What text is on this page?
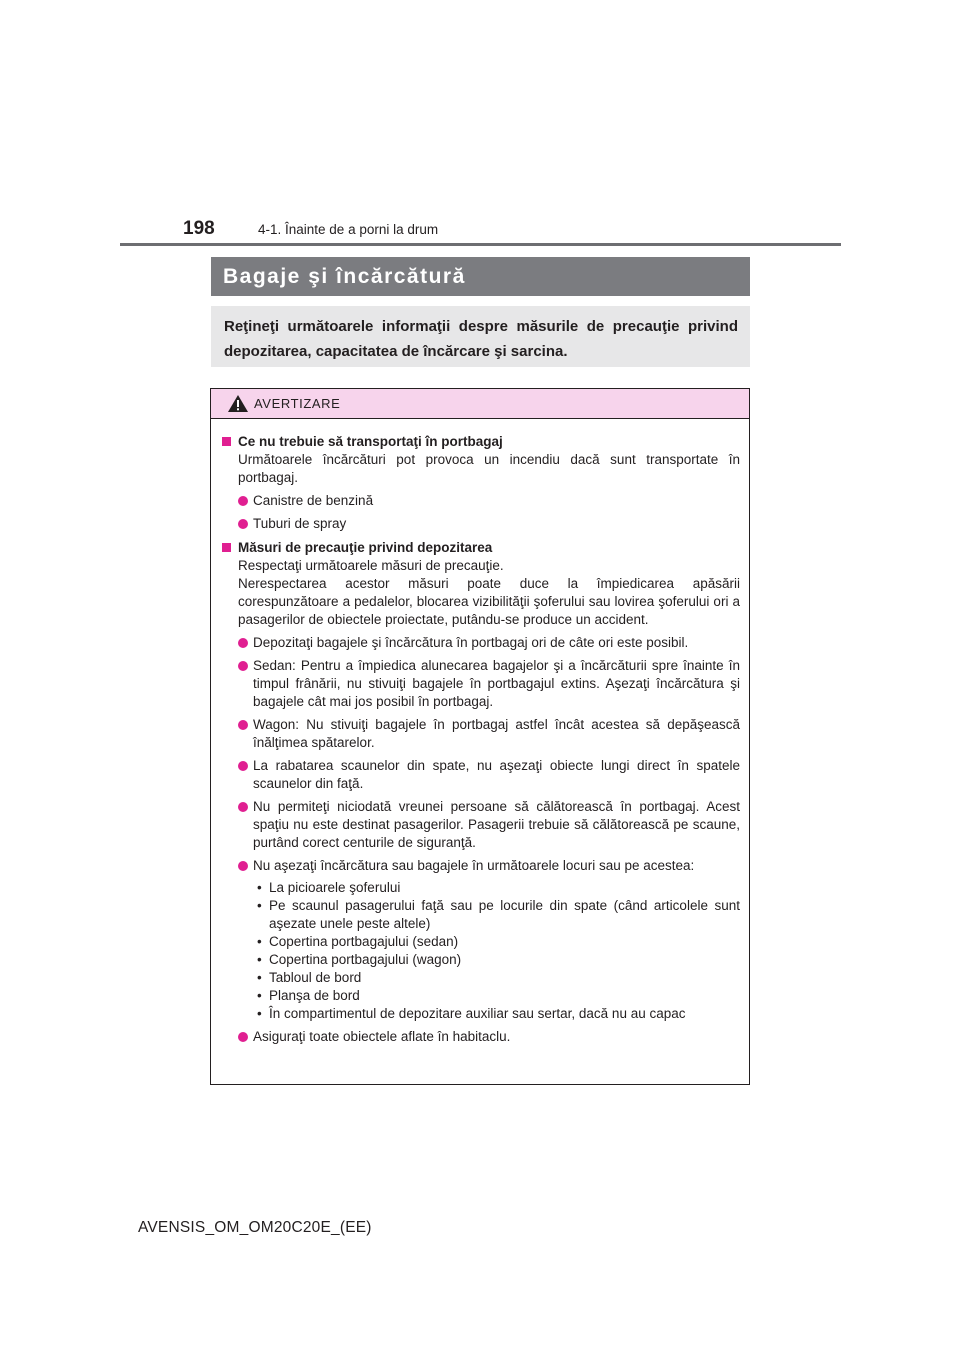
198	4-1. Înainte de a porni la drum
Bagaje şi încărcătură
Reţineţi următoarele informaţii despre măsurile de precauţie privind depozitarea, capacitatea de încărcare şi sarcina.
AVERTIZARE
Ce nu trebuie să transportaţi în portbagaj
Următoarele încărcături pot provoca un incendiu dacă sunt transportate în portbagaj.
Canistre de benzină
Tuburi de spray
Măsuri de precauţie privind depozitarea
Respectaţi următoarele măsuri de precauţie.
Nerespectarea acestor măsuri poate duce la împiedicarea apăsării corespunzătoare a pedalelor, blocarea vizibilităţii şoferului sau lovirea şoferului ori a pasagerilor de obiectele proiectate, putându-se produce un accident.
Depozitaţi bagajele şi încărcătura în portbagaj ori de câte ori este posibil.
Sedan: Pentru a împiedica alunecarea bagajelor şi a încărcăturii spre înainte în timpul frânării, nu stivuiţi bagajele în portbagajul extins. Aşezaţi încărcătura şi bagajele cât mai jos posibil în portbagaj.
Wagon: Nu stivuiţi bagajele în portbagaj astfel încât acestea să depăşească înălţimea spătarelor.
La rabatarea scaunelor din spate, nu aşezaţi obiecte lungi direct în spatele scaunelor din faţă.
Nu permiteţi niciodată vreunei persoane să călătorească în portbagaj. Acest spaţiu nu este destinat pasagerilor. Pasagerii trebuie să călătorească pe scaune, purtând corect centurile de siguranţă.
Nu aşezaţi încărcătura sau bagajele în următoarele locuri sau pe acestea:
• La picioarele şoferului
• Pe scaunul pasagerului faţă sau pe locurile din spate (când articolele sunt aşezate unele peste altele)
• Copertina portbagajului (sedan)
• Copertina portbagajului (wagon)
• Tabloul de bord
• Planşa de bord
• În compartimentul de depozitare auxiliar sau sertar, dacă nu au capac
Asiguraţi toate obiectele aflate în habitaclu.
AVENSIS_OM_OM20C20E_(EE)
